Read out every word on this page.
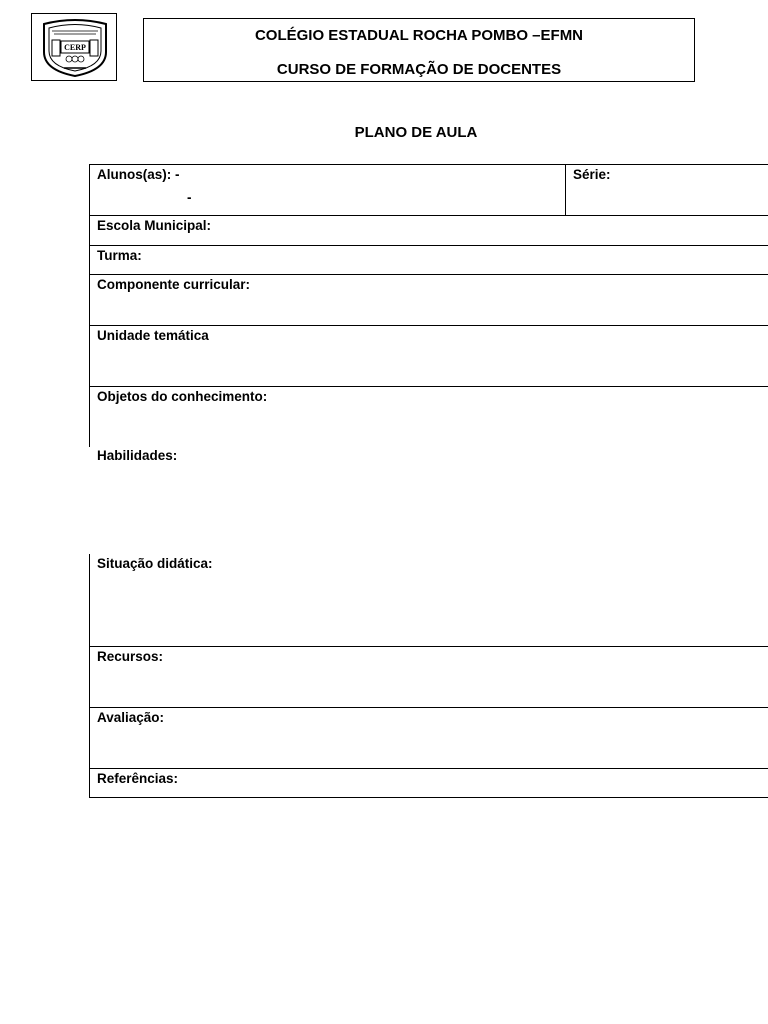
CERP
COLÉGIO ESTADUAL ROCHA POMBO –EFMN
CURSO DE FORMAÇÃO DE DOCENTES
PLANO DE AULA
Alunos(as): -
-
Série:
Escola Municipal:
Turma:
Componente curricular:
Unidade temática
Objetos do conhecimento:
Habilidades:
Situação didática:
Recursos:
Avaliação:
Referências:
